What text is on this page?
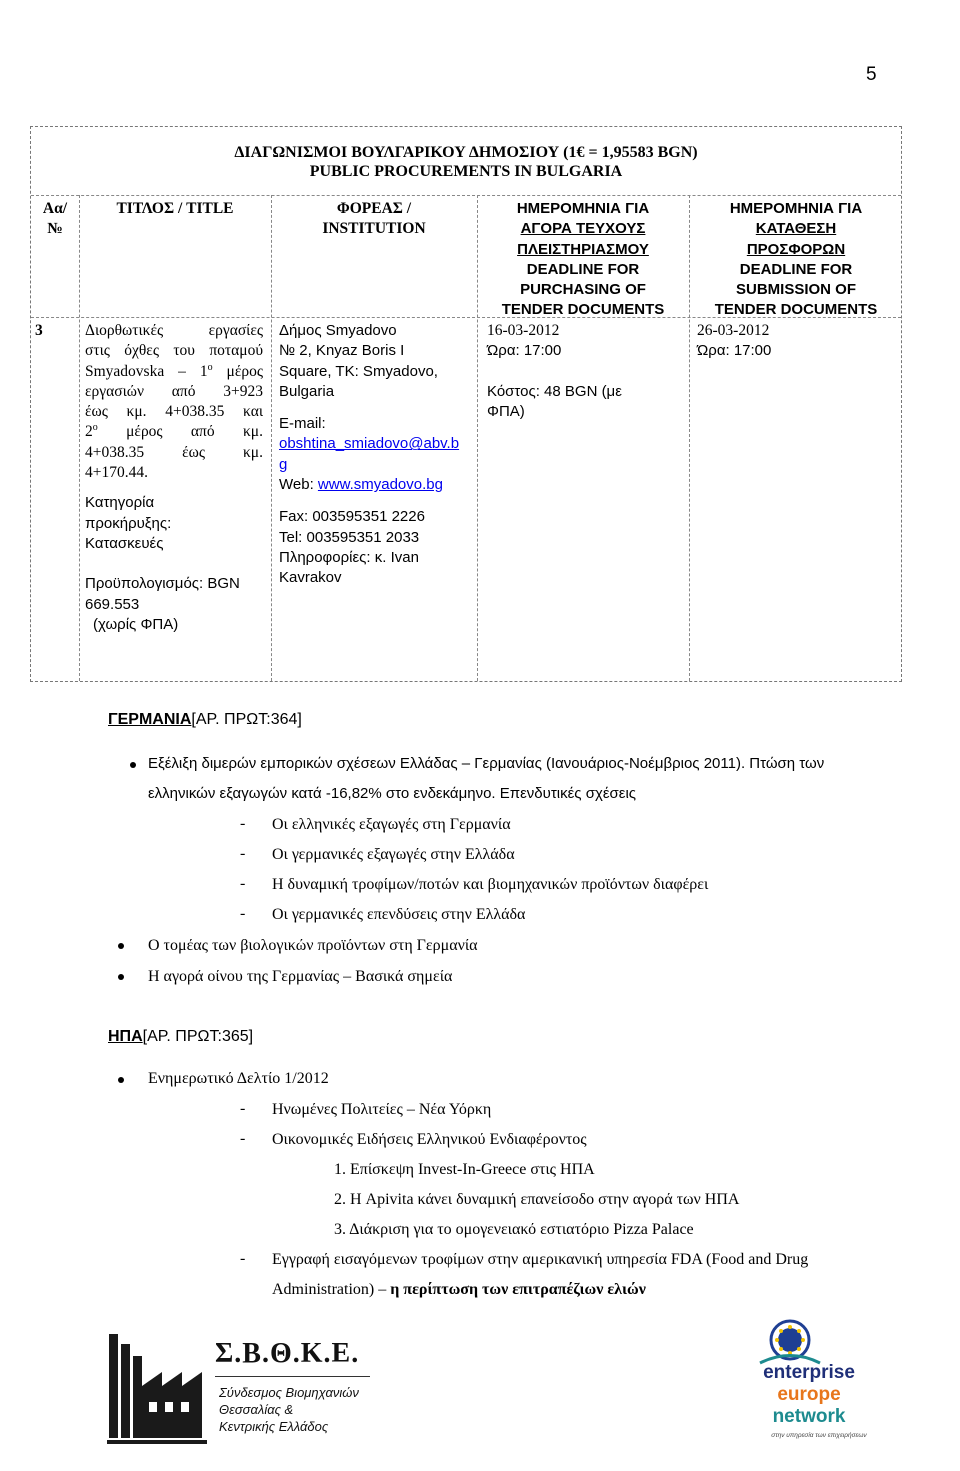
5
ΔΙΑΓΩΝΙΣΜΟΙ ΒΟΥΛΓΑΡΙΚΟΥ ΔΗΜΟΣΙΟΥ (1€ = 1,95583 BGN)
PUBLIC PROCUREMENTS IN BULGARIA
Αα/
№
ΤΙΤΛΟΣ / TITLE	ΦΟΡΕΑΣ /
INSTITUTION
ΗΜΕΡΟΜΗΝΙΑ ΓΙΑ
ΑΓΟΡΑ ΤΕΥΧΟΥΣ
ΠΛΕΙΣΤΗΡΙΑΣΜΟΥ
DEADLINE FOR
PURCHASING OF
TENDER DOCUMENTS
ΗΜΕΡΟΜΗΝΙΑ ΓΙΑ
ΚΑΤΑΘΕΣΗ
ΠΡΟΣΦΟΡΩΝ
DEADLINE FOR
SUBMISSION OF
TENDER DOCUMENTS
3	Διορθωτικές εργασίες
στις όχθες του ποταμού
Smyadovska – $1^o$ μέρος
εργασιών από 3+923
έως κμ. 4+038.35 και
$2^o$ μέρος από κμ.
4+038.35 έως κμ.
4+170.44.
Κατηγορία
προκήρυξης:
Κατασκευές
Προϋπολογισμός: BGN
669.553
(χωρίς ΦΠΑ)
Δήμος Smyadovo
№ 2, Knyaz Boris I
Square, TK: Smyadovo,
Bulgaria
E-mail:
obshtina_smiadovo@abv.b
g
Web: www.smyadovo.bg
Fax: 003595351 2226
Tel: 003595351 2033
Πληροφορίες: κ. Ivan
Kavrakov
16-03-2012
Ώρα: 17:00
Κόστος: 48 BGN (με
ΦΠΑ)
26-03-2012
Ώρα: 17:00
ΓΕΡΜΑΝΙΑ[ΑΡ. ΠΡΩΤ:364]
Εξέλιξη διμερών εμπορικών σχέσεων Ελλάδας – Γερμανίας (Ιανουάριος-Νοέμβριος 2011). Πτώση των
ελληνικών εξαγωγών κατά -16,82% στο ενδεκάμηνο. Επενδυτικές σχέσεις
- Οι ελληνικές εξαγωγές στη Γερμανία
- Οι γερμανικές εξαγωγές στην Ελλάδα
- Η δυναμική τροφίμων/ποτών και βιομηχανικών προϊόντων διαφέρει
- Οι γερμανικές επενδύσεις στην Ελλάδα
Ο τομέας των βιολογικών προϊόντων στη Γερμανία
Η αγορά οίνου της Γερμανίας – Βασικά σημεία
ΗΠΑ[ΑΡ. ΠΡΩΤ:365]
Ενημερωτικό Δελτίο 1/2012
- Ηνωμένες Πολιτείες – Νέα Υόρκη
- Οικονομικές Ειδήσεις Ελληνικού Ενδιαφέροντος
1. Επίσκεψη Invest-In-Greece στις ΗΠΑ
2. Η Apivita κάνει δυναμική επανείσοδο στην αγορά των ΗΠΑ
3. Διάκριση για το ομογενειακό εστιατόριο Pizza Palace
- Εγγραφή εισαγόμενων τροφίμων στην αμερικανική υπηρεσία FDA (Food and Drug
Administration) – η περίπτωση των επιτραπέζιων ελιών
Σ.Β.Θ.Κ.Ε.
Σύνδεσμος Βιομηχανιών
Θεσσαλίας &
Κεντρικής Ελλάδος
enterprise
europe
network
στην υπηρεσία των επιχειρήσεων
